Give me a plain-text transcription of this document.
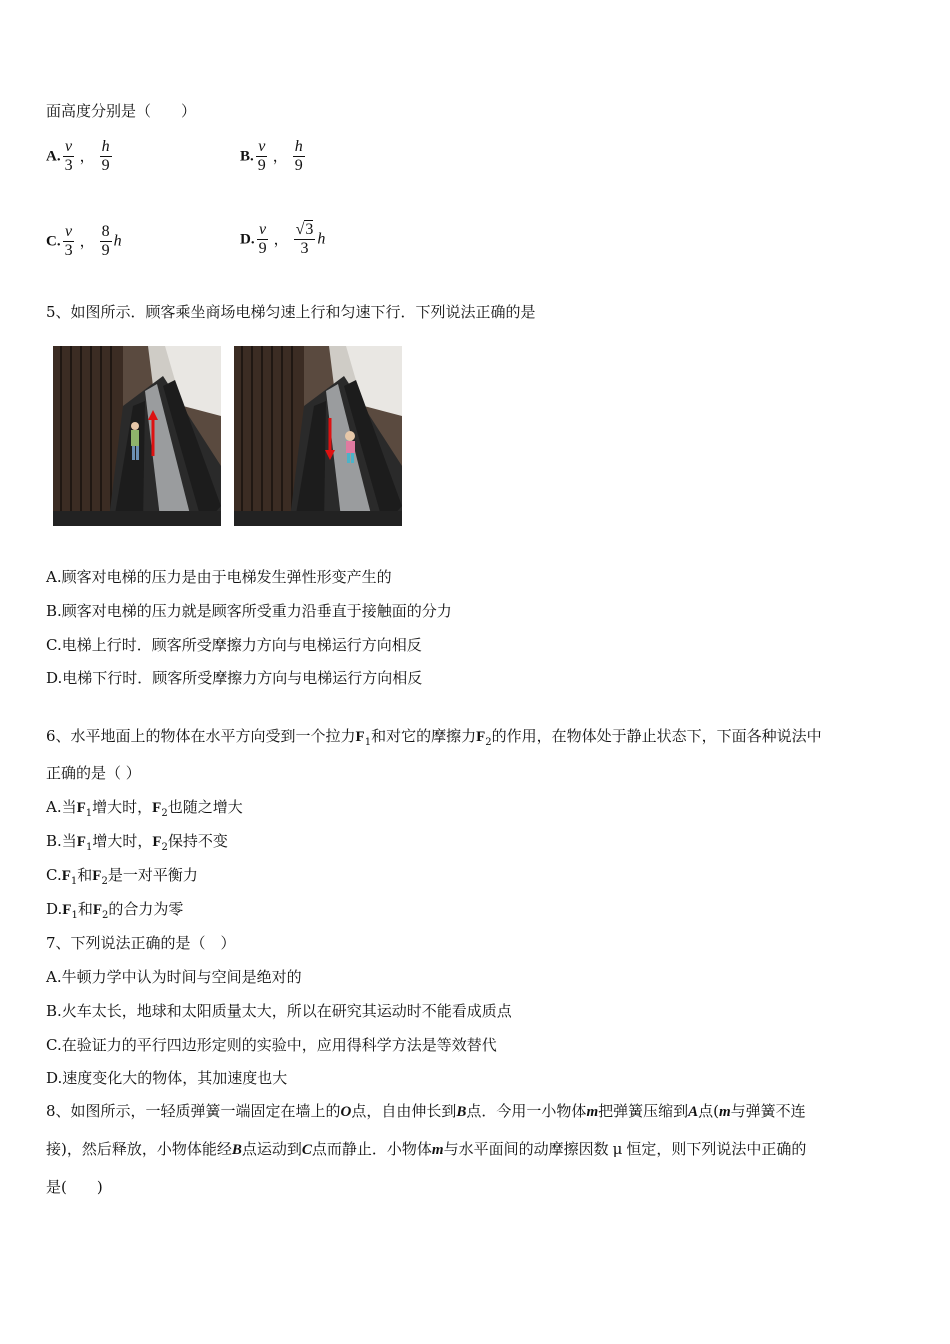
面高度分别是（　　）
A. $\frac{v}{3}$ ， $\frac{h}{9}$	B. $\frac{v}{9}$ ， $\frac{h}{9}$
C. $\frac{v}{3}$ ， $\frac{8}{9}$ h	D. $\frac{v}{9}$ ， $\frac{√3}{3}$ h
5、如图所示．顾客乘坐商场电梯匀速上行和匀速下行．下列说法正确的是
A.顾客对电梯的压力是由于电梯发生弹性形变产生的
B.顾客对电梯的压力就是顾客所受重力沿垂直于接触面的分力
C.电梯上行时．顾客所受摩擦力方向与电梯运行方向相反
D.电梯下行时．顾客所受摩擦力方向与电梯运行方向相反
6、水平地面上的物体在水平方向受到一个拉力$F_1$和对它的摩擦力$F_2$的作用，在物体处于静止状态下，下面各种说法中
正确的是（ ）
A.当$F_1$增大时，$F_2$也随之增大
B.当$F_1$增大时，$F_2$保持不变
$C.F_1$和$F_2$是一对平衡力
$D.F_1$和$F_2$的合力为零
7、下列说法正确的是（　）
A.牛顿力学中认为时间与空间是绝对的
B.火车太长，地球和太阳质量太大，所以在研究其运动时不能看成质点
C.在验证力的平行四边形定则的实验中，应用得科学方法是等效替代
D.速度变化大的物体，其加速度也大
8、如图所示，一轻质弹簧一端固定在墙上的O点，自由伸长到B点．今用一小物体m把弹簧压缩到A点(m与弹簧不连
接)，然后释放，小物体能经B点运动到C点而静止．小物体m与水平面间的动摩擦因数 μ 恒定，则下列说法中正确的
是(　　)
